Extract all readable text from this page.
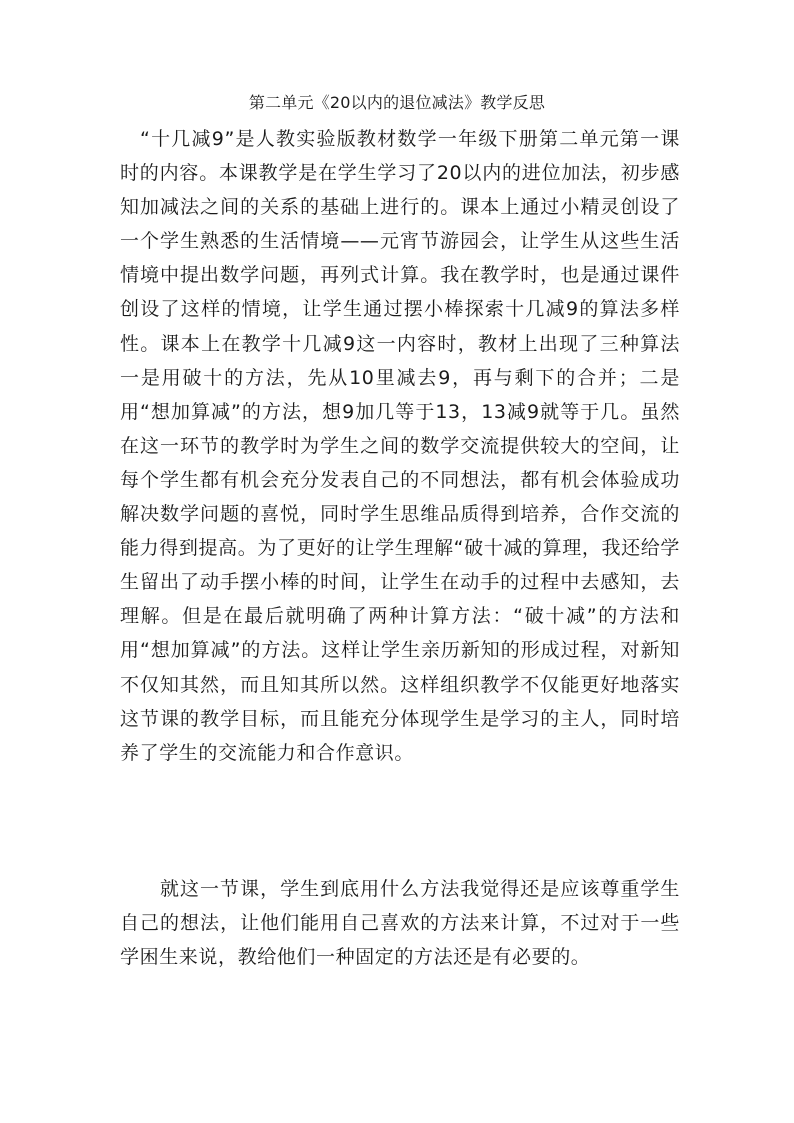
第二单元《20以内的退位减法》教学反思

“十几减9”是人教实验版教材数学一年级下册第二单元第一课时的内容。本课教学是在学生学习了20以内的进位加法，初步感知加减法之间的关系的基础上进行的。课本上通过小精灵创设了一个学生熟悉的生活情境——元宵节游园会，让学生从这些生活情境中提出数学问题，再列式计算。我在教学时，也是通过课件创设了这样的情境，让学生通过摆小棒探索十几减9的算法多样性。课本上在教学十几减9这一内容时，教材上出现了三种算法 一是用破十的方法，先从10里减去9，再与剩下的合并；二是用“想加算减”的方法，想9加几等于13，13减9就等于几。虽然在这一环节的教学时为学生之间的数学交流提供较大的空间，让每个学生都有机会充分发表自己的不同想法，都有机会体验成功解决数学问题的喜悦，同时学生思维品质得到培养，合作交流的能力得到提高。为了更好的让学生理解“破十减的算理，我还给学生留出了动手摆小棒的时间，让学生在动手的过程中去感知，去理解。但是在最后就明确了两种计算方法：“破十减”的方法和用“想加算减”的方法。这样让学生亲历新知的形成过程，对新知不仅知其然，而且知其所以然。这样组织教学不仅能更好地落实这节课的教学目标，而且能充分体现学生是学习的主人，同时培养了学生的交流能力和合作意识。

就这一节课，学生到底用什么方法我觉得还是应该尊重学生自己的想法，让他们能用自己喜欢的方法来计算，不过对于一些学困生来说，教给他们一种固定的方法还是有必要的。
